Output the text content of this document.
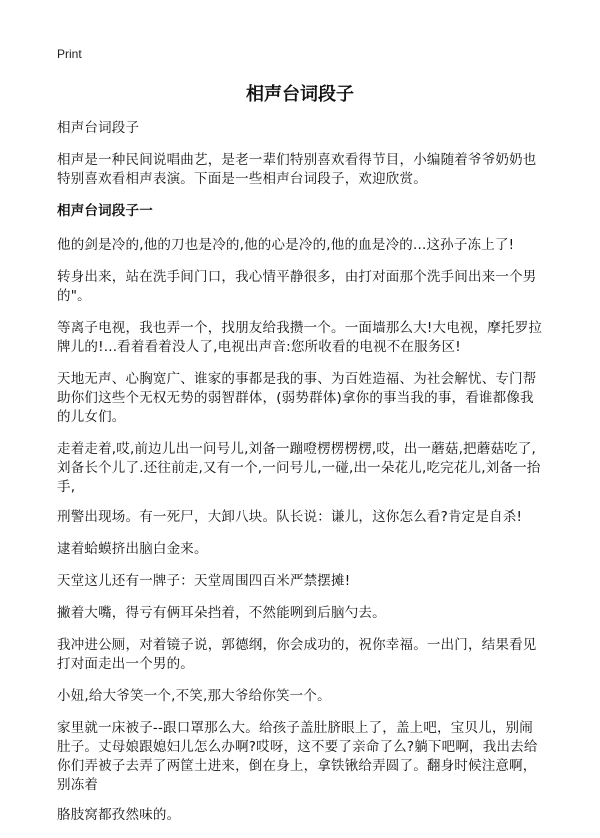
Print
相声台词段子

相声台词段子

相声是一种民间说唱曲艺，是老一辈们特别喜欢看得节目，小编随着爷爷奶奶也特别喜欢看相声表演。下面是一些相声台词段子，欢迎欣赏。

相声台词段子一

他的剑是冷的,他的刀也是冷的,他的心是冷的,他的血是冷的...这孙子冻上了!

转身出来，站在洗手间门口，我心情平静很多，由打对面那个洗手间出来一个男的"。

等离子电视，我也弄一个，找朋友给我攒一个。一面墙那么大!大电视，摩托罗拉牌儿的!...看着看着没人了,电视出声音:您所收看的电视不在服务区!

天地无声、心胸宽广、谁家的事都是我的事、为百姓造福、为社会解忧、专门帮助你们这些个无权无势的弱智群体，(弱势群体)拿你的事当我的事，看谁都像我的儿女们。

走着走着,哎,前边儿出一问号儿,刘备一蹦噔楞楞楞楞,哎，出一蘑菇,把蘑菇吃了,刘备长个儿了.还往前走,又有一个,一问号儿,一碰,出一朵花儿,吃完花儿,刘备一抬手,

刑警出现场。有一死尸，大卸八块。队长说：谦儿，这你怎么看?肯定是自杀!

逮着蛤蟆挤出脑白金来。

天堂这儿还有一牌子：天堂周围四百米严禁摆摊!

撇着大嘴，得亏有俩耳朵挡着，不然能咧到后脑勺去。

我冲进公厕，对着镜子说，郭德纲，你会成功的，祝你幸福。一出门，结果看见打对面走出一个男的。

小妞,给大爷笑一个,不笑,那大爷给你笑一个。

家里就一床被子--跟口罩那么大。给孩子盖肚脐眼上了，盖上吧，宝贝儿，别闹肚子。丈母娘跟媳妇儿怎么办啊?哎呀，这不要了亲命了么?躺下吧啊，我出去给你们弄被子去弄了两筐土进来，倒在身上，拿铁锹给弄圆了。翻身时候注意啊，别冻着

胳肢窝都孜然味的。
